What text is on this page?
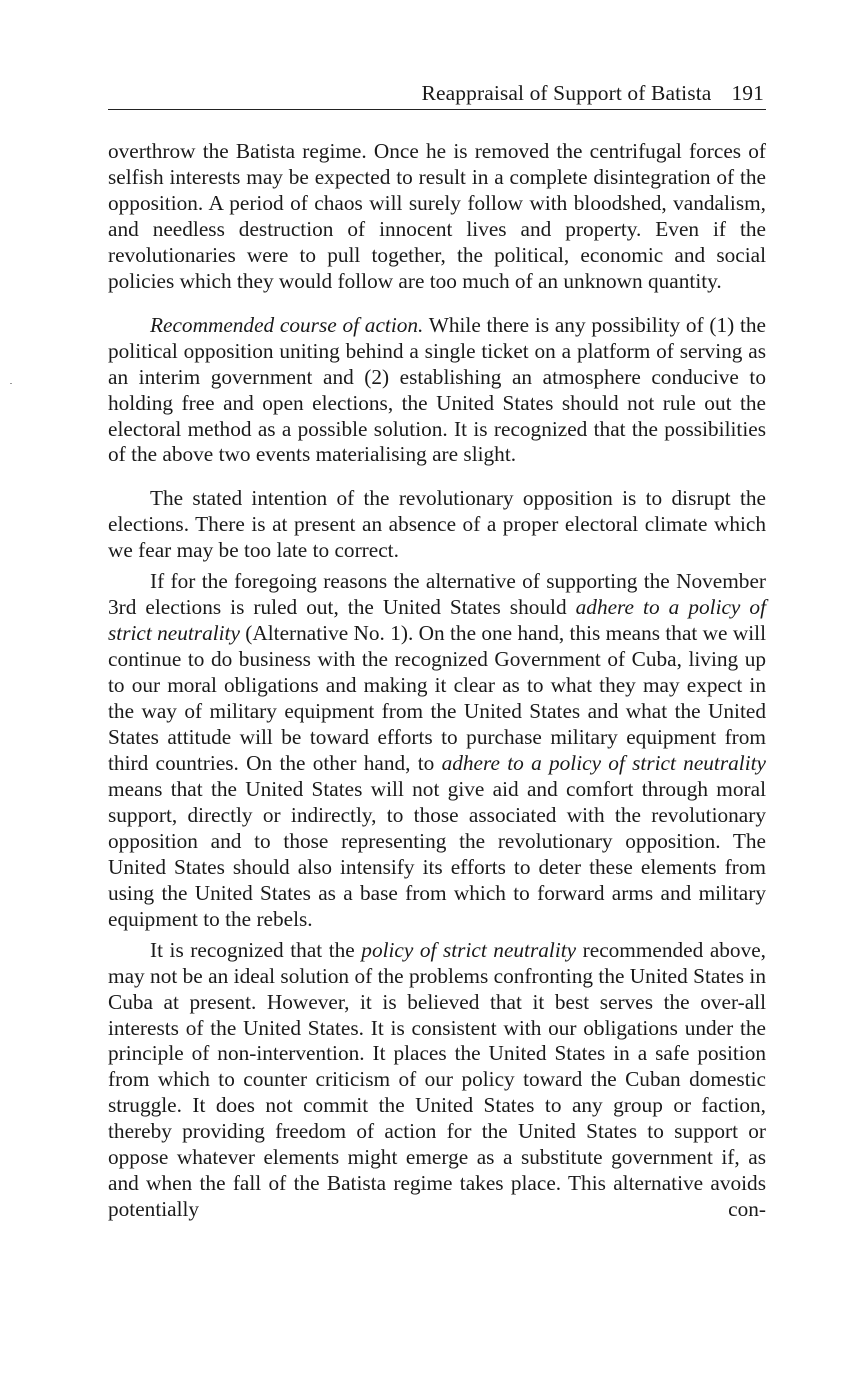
Reappraisal of Support of Batista 191

overthrow the Batista regime. Once he is removed the centrifugal forces of selfish interests may be expected to result in a complete disintegration of the opposition. A period of chaos will surely follow with bloodshed, vandalism, and needless destruction of innocent lives and property. Even if the revolutionaries were to pull together, the political, economic and social policies which they would follow are too much of an unknown quantity.

Recommended course of action. While there is any possibility of (1) the political opposition uniting behind a single ticket on a platform of serving as an interim government and (2) establishing an atmosphere conducive to holding free and open elections, the United States should not rule out the electoral method as a possible solution. It is recognized that the possibilities of the above two events materialising are slight.

The stated intention of the revolutionary opposition is to disrupt the elections. There is at present an absence of a proper electoral climate which we fear may be too late to correct.

If for the foregoing reasons the alternative of supporting the November 3rd elections is ruled out, the United States should adhere to a policy of strict neutrality (Alternative No. 1). On the one hand, this means that we will continue to do business with the recognized Government of Cuba, living up to our moral obligations and making it clear as to what they may expect in the way of military equipment from the United States and what the United States attitude will be toward efforts to purchase military equipment from third countries. On the other hand, to adhere to a policy of strict neutrality means that the United States will not give aid and comfort through moral support, directly or indirectly, to those associated with the revolutionary opposition and to those representing the revolutionary opposition. The United States should also intensify its efforts to deter these elements from using the United States as a base from which to forward arms and military equipment to the rebels.

It is recognized that the policy of strict neutrality recommended above, may not be an ideal solution of the problems confronting the United States in Cuba at present. However, it is believed that it best serves the over-all interests of the United States. It is consistent with our obligations under the principle of non-intervention. It places the United States in a safe position from which to counter criticism of our policy toward the Cuban domestic struggle. It does not commit the United States to any group or faction, thereby providing freedom of action for the United States to support or oppose whatever elements might emerge as a substitute government if, as and when the fall of the Batista regime takes place. This alternative avoids potentially con-
